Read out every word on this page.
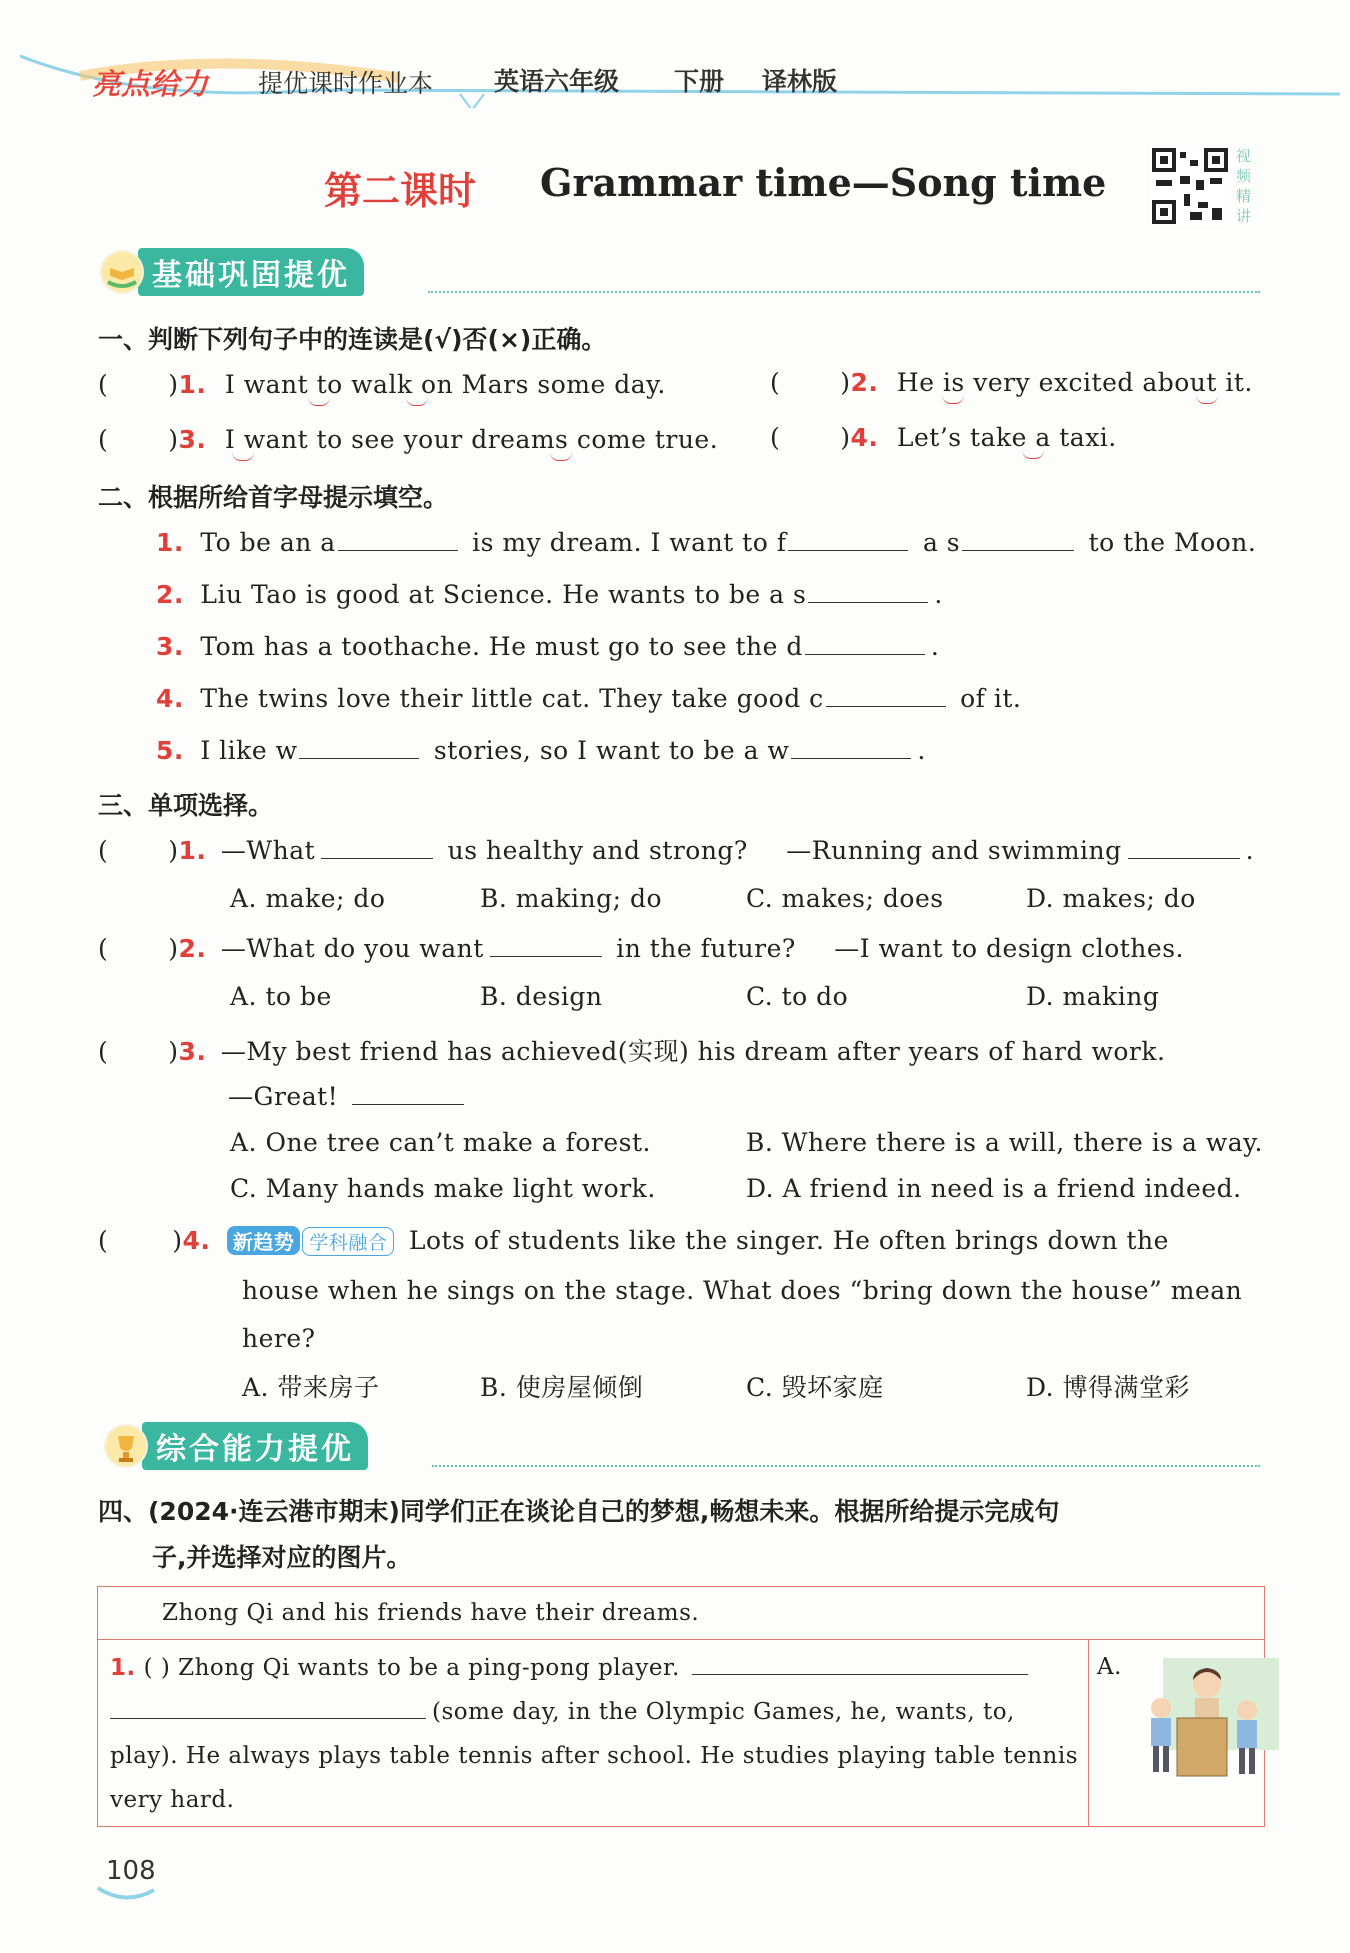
亮点给力 提优课时作业本 英语六年级 下册 译林版
第二课时 Grammar time—Song time
视频精讲
基础巩固提优
一、判断下列句子中的连读是(√)否(×)正确。
( )1. I want to walk on Mars some day.	( )2. He is very excited about it.
( )3. I want to see your dreams come true. ( )4. Let’s take a taxi.
二、根据所给首字母提示填空。
1. To be an a	is my dream. I want to f	a s	to the Moon.
2. Liu Tao is good at Science. He wants to be a s	.
3. Tom has a toothache. He must go to see the d	.
4. The twins love their little cat. They take good c	of it.
5. I like w	stories, so I want to be a w	.
三、单项选择。
( )1. —What	us healthy and strong? —Running and swimming	.
A. make; do	B. making; do	C. makes; does	D. makes; do
( )2. —What do you want	in the future? —I want to design clothes.
A. to be	B. design	C. to do	D. making
( )3. —My best friend has achieved(实现) his dream after years of hard work.
—Great!
A. One tree can’t make a forest.	B. Where there is a will, there is a way.
C. Many hands make light work.	D. A friend in need is a friend indeed.
(	)4. 新趋势 学科融合 Lots of students like the singer. He often brings down the
house when he sings on the stage. What does “bring down the house” mean
here?
A. 带来房子	B. 使房屋倾倒	C. 毁坏家庭	D. 博得满堂彩
综合能力提优
四、(2024·连云港市期末)同学们正在谈论自己的梦想,畅想未来。根据所给提示完成句
子,并选择对应的图片。
Zhong Qi and his friends have their dreams.

1. ( ) Zhong Qi wants to be a ping-pong player.
(some day, in the Olympic Games, he, wants, to,
play). He always plays table tennis after school. He studies playing table tennis
very hard.

A.
108
